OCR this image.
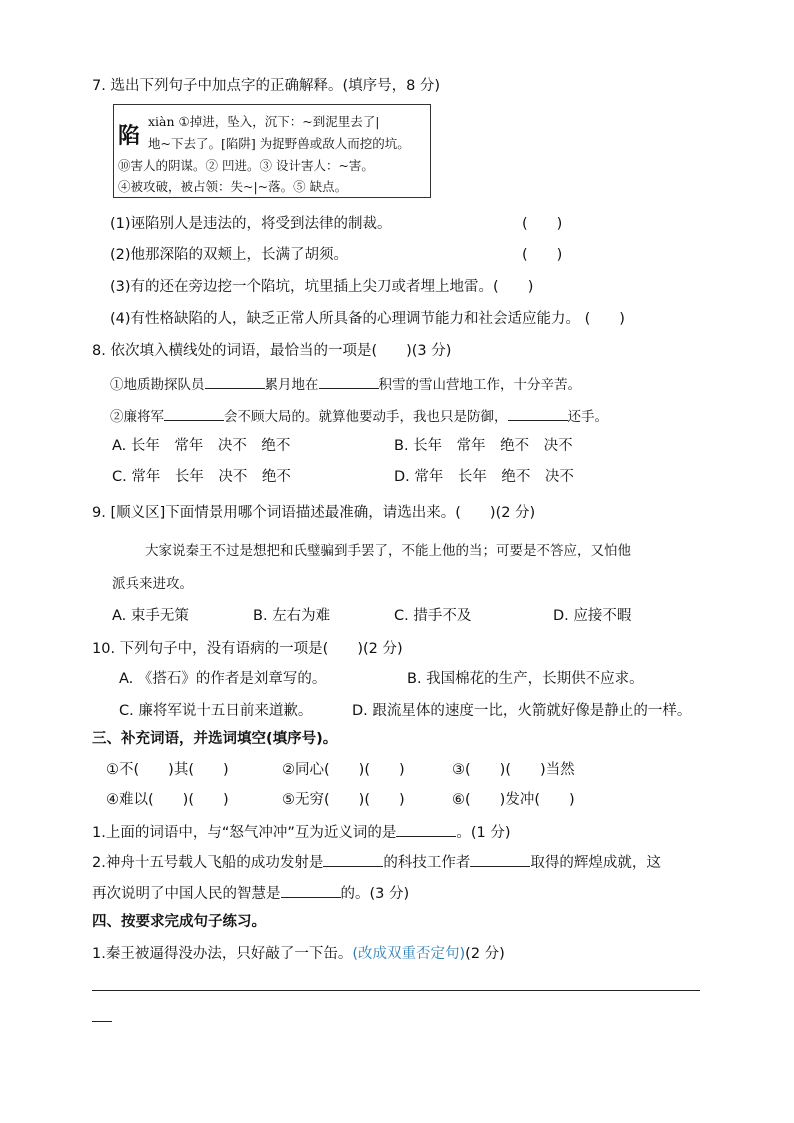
7. 选出下列句子中加点字的正确解释。(填序号，8 分)
陷
xiàn ①掉进，坠入，沉下：~到泥里去了|
地~下去了。[陷阱] 为捉野兽或敌人而挖的坑。
⑩害人的阴谋。② 凹进。③ 设计害人：~害。
④被攻破，被占领：失~|~落。⑤ 缺点。
(1)诬陷别人是违法的，将受到法律的制裁。	(　　)
(2)他那深陷的双颊上，长满了胡须。	(　　)
(3)有的还在旁边挖一个陷坑，坑里插上尖刀或者埋上地雷。(　　)
(4)有性格缺陷的人，缺乏正常人所具备的心理调节能力和社会适应能力。 (　　)
8. 依次填入横线处的词语，最恰当的一项是(　　)(3 分)
①地质勘探队员	累月地在	积雪的雪山营地工作，十分辛苦。
②廉将军	会不顾大局的。就算他要动手，我也只是防御，	还手。
A. 长年　常年　决不　绝不	B. 长年　常年　绝不　决不
C. 常年　长年　决不　绝不	D. 常年　长年　绝不　决不
9. [顺义区]下面情景用哪个词语描述最准确，请选出来。(　　)(2 分)
大家说秦王不过是想把和氏璧骗到手罢了，不能上他的当；可要是不答应，又怕他
派兵来进攻。
A. 束手无策	B. 左右为难	C. 措手不及	D. 应接不暇
10. 下列句子中，没有语病的一项是(　　)(2 分)
A. 《搭石》的作者是刘章写的。	B. 我国棉花的生产，长期供不应求。
C. 廉将军说十五日前来道歉。	D. 跟流星体的速度一比，火箭就好像是静止的一样。
三、补充词语，并选词填空(填序号)。
①不(　　)其(　　)	②同心(　　)(　　)	③(　　)(　　)当然
④难以(　　)(　　)	⑤无穷(　　)(　　)	⑥(　　)发冲(　　)
1.上面的词语中，与“怒气冲冲”互为近义词的是	。(1 分)
2.神舟十五号载人飞船的成功发射是	的科技工作者	取得的辉煌成就，这
再次说明了中国人民的智慧是	的。(3 分)
四、按要求完成句子练习。
1.秦王被逼得没办法，只好敲了一下缶。(改成双重否定句)(2 分)
